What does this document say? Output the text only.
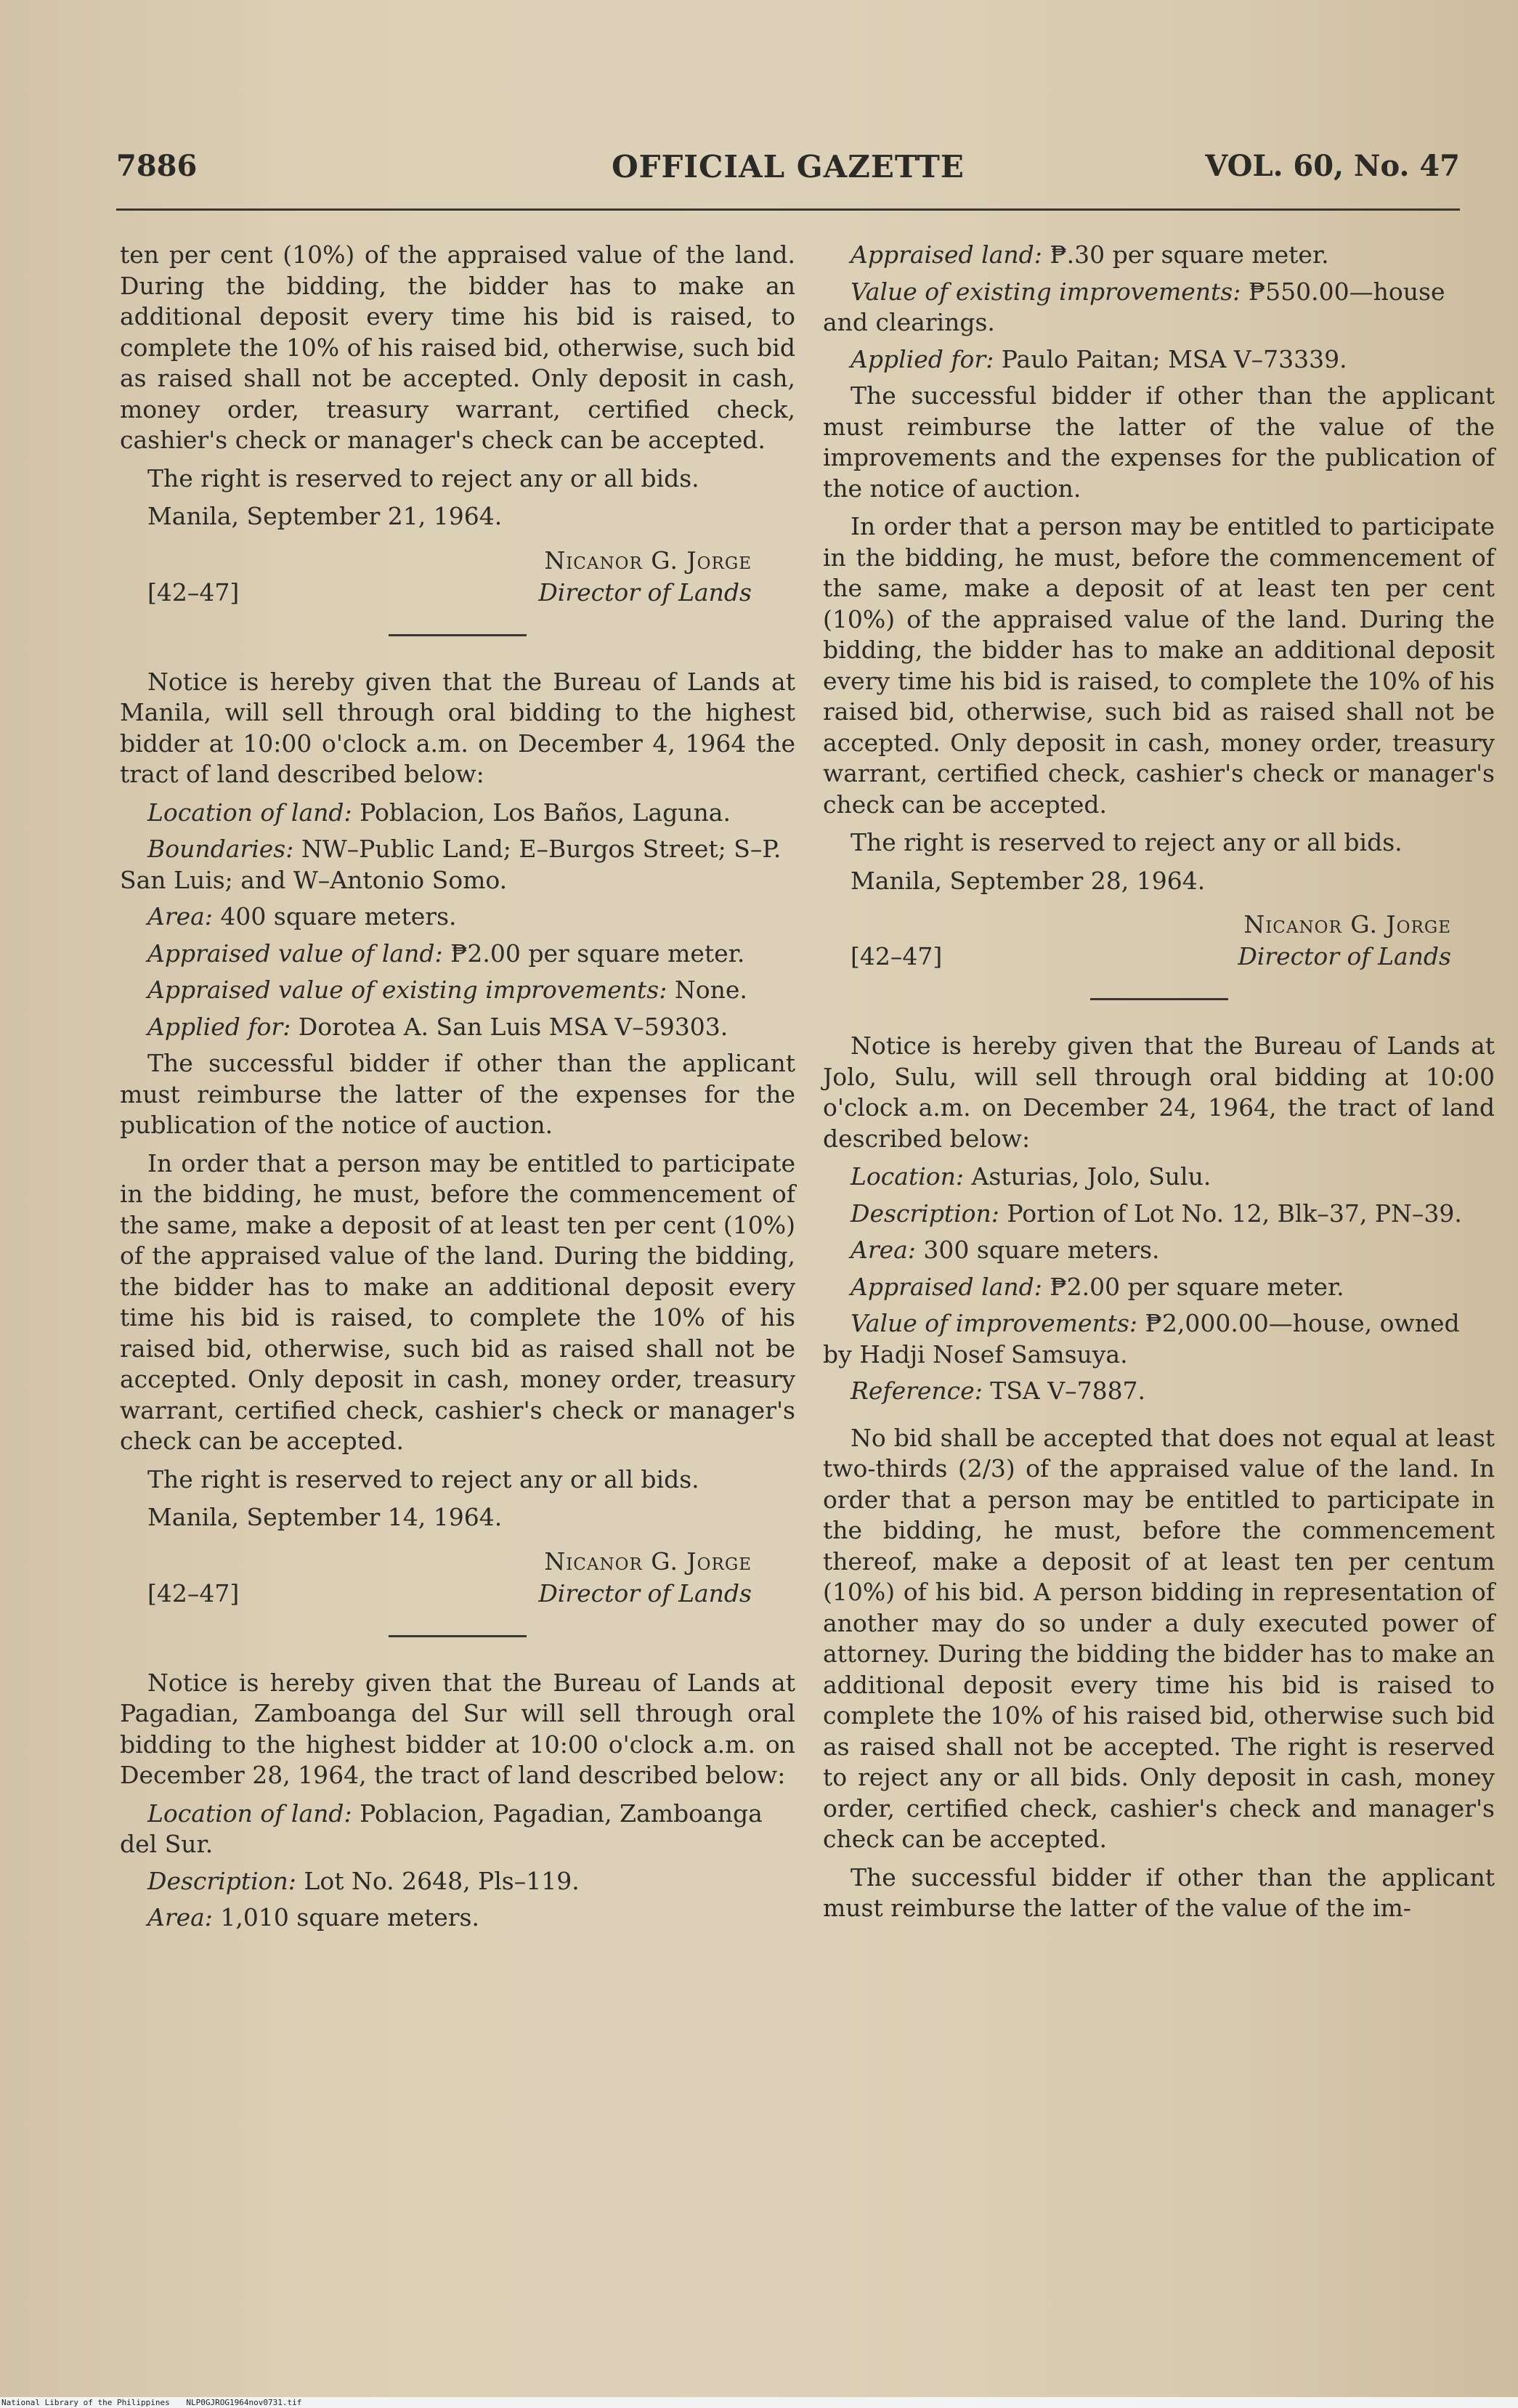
7886	OFFICIAL GAZETTE	VOL. 60, No. 47

ten per cent (10%) of the appraised value of the land. During the bidding, the bidder has to make an additional deposit every time his bid is raised, to complete the 10% of his raised bid, otherwise, such bid as raised shall not be accepted. Only deposit in cash, money order, treasury warrant, certified check, cashier's check or manager's check can be accepted.

The right is reserved to reject any or all bids.

Manila, September 21, 1964.

Nicanor G. Jorge
[42–47]	Director of Lands

Notice is hereby given that the Bureau of Lands at Manila, will sell through oral bidding to the highest bidder at 10:00 o'clock a.m. on December 4, 1964 the tract of land described below:

Location of land: Poblacion, Los Baños, Laguna.

Boundaries: NW–Public Land; E–Burgos Street; S–P. San Luis; and W–Antonio Somo.

Area: 400 square meters.

Appraised value of land: ₱2.00 per square meter.

Appraised value of existing improvements: None.

Applied for: Dorotea A. San Luis MSA V–59303.

The successful bidder if other than the applicant must reimburse the latter of the expenses for the publication of the notice of auction.

In order that a person may be entitled to participate in the bidding, he must, before the commencement of the same, make a deposit of at least ten per cent (10%) of the appraised value of the land. During the bidding, the bidder has to make an additional deposit every time his bid is raised, to complete the 10% of his raised bid, otherwise, such bid as raised shall not be accepted. Only deposit in cash, money order, treasury warrant, certified check, cashier's check or manager's check can be accepted.

The right is reserved to reject any or all bids.

Manila, September 14, 1964.

Nicanor G. Jorge
[42–47]	Director of Lands

Notice is hereby given that the Bureau of Lands at Pagadian, Zamboanga del Sur will sell through oral bidding to the highest bidder at 10:00 o'clock a.m. on December 28, 1964, the tract of land described below:

Location of land: Poblacion, Pagadian, Zamboanga del Sur.

Description: Lot No. 2648, Pls–119.

Area: 1,010 square meters.

Appraised land: ₱.30 per square meter.

Value of existing improvements: ₱550.00—house and clearings.

Applied for: Paulo Paitan; MSA V–73339.

The successful bidder if other than the applicant must reimburse the latter of the value of the improvements and the expenses for the publication of the notice of auction.

In order that a person may be entitled to participate in the bidding, he must, before the commencement of the same, make a deposit of at least ten per cent (10%) of the appraised value of the land. During the bidding, the bidder has to make an additional deposit every time his bid is raised, to complete the 10% of his raised bid, otherwise, such bid as raised shall not be accepted. Only deposit in cash, money order, treasury warrant, certified check, cashier's check or manager's check can be accepted.

The right is reserved to reject any or all bids.

Manila, September 28, 1964.

Nicanor G. Jorge
[42–47]	Director of Lands

Notice is hereby given that the Bureau of Lands at Jolo, Sulu, will sell through oral bidding at 10:00 o'clock a.m. on December 24, 1964, the tract of land described below:

Location: Asturias, Jolo, Sulu.

Description: Portion of Lot No. 12, Blk–37, PN–39.

Area: 300 square meters.

Appraised land: ₱2.00 per square meter.

Value of improvements: ₱2,000.00—house, owned by Hadji Nosef Samsuya.

Reference: TSA V–7887.

No bid shall be accepted that does not equal at least two-thirds (2/3) of the appraised value of the land. In order that a person may be entitled to participate in the bidding, he must, before the commencement thereof, make a deposit of at least ten per centum (10%) of his bid. A person bidding in representation of another may do so under a duly executed power of attorney. During the bidding the bidder has to make an additional deposit every time his bid is raised to complete the 10% of his raised bid, otherwise such bid as raised shall not be accepted. The right is reserved to reject any or all bids. Only deposit in cash, money order, certified check, cashier's check and manager's check can be accepted.

The successful bidder if other than the applicant must reimburse the latter of the value of the im-

National Library of the Philippines NLP0GJROG1964nov0731.tif
